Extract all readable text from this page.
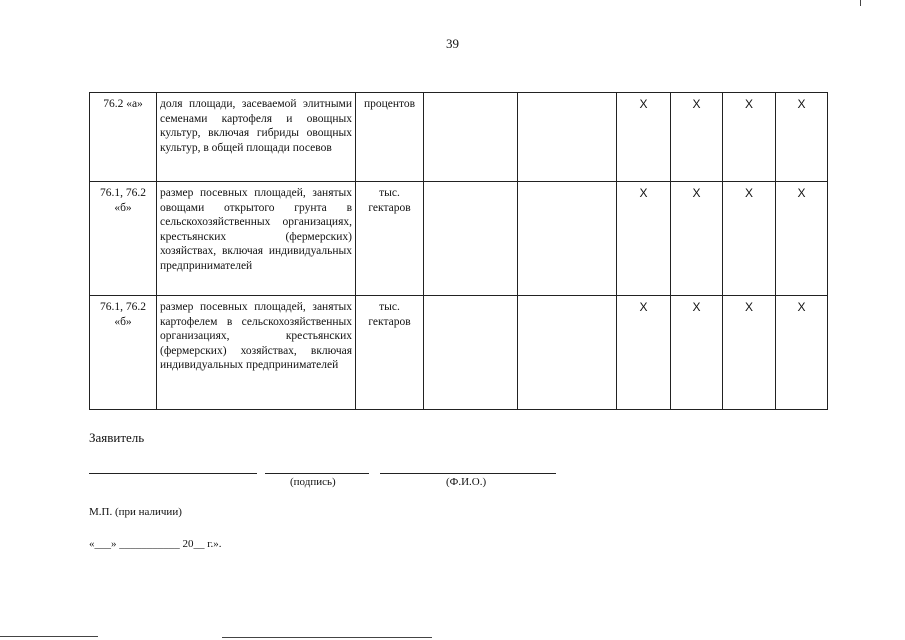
39
76.2 «а»	доля площади, засеваемой элитными семенами картофеля и овощных культур, включая гибриды овощных культур, в общей площади посевов	процентов			X	X	X	X
76.1, 76.2 «б»	размер посевных площадей, занятых овощами открытого грунта в сельскохозяйственных организациях, крестьянских (фермерских) хозяйствах, включая индивидуальных предпринимателей	тыс. гектаров			X	X	X	X
76.1, 76.2 «б»	размер посевных площадей, занятых картофелем в сельскохозяйственных организациях, крестьянских (фермерских) хозяйствах, включая индивидуальных предпринимателей	тыс. гектаров			X	X	X	X
Заявитель
(подпись)	(Ф.И.О.)
М.П. (при наличии)
«___» ___________ 20__ г.».
